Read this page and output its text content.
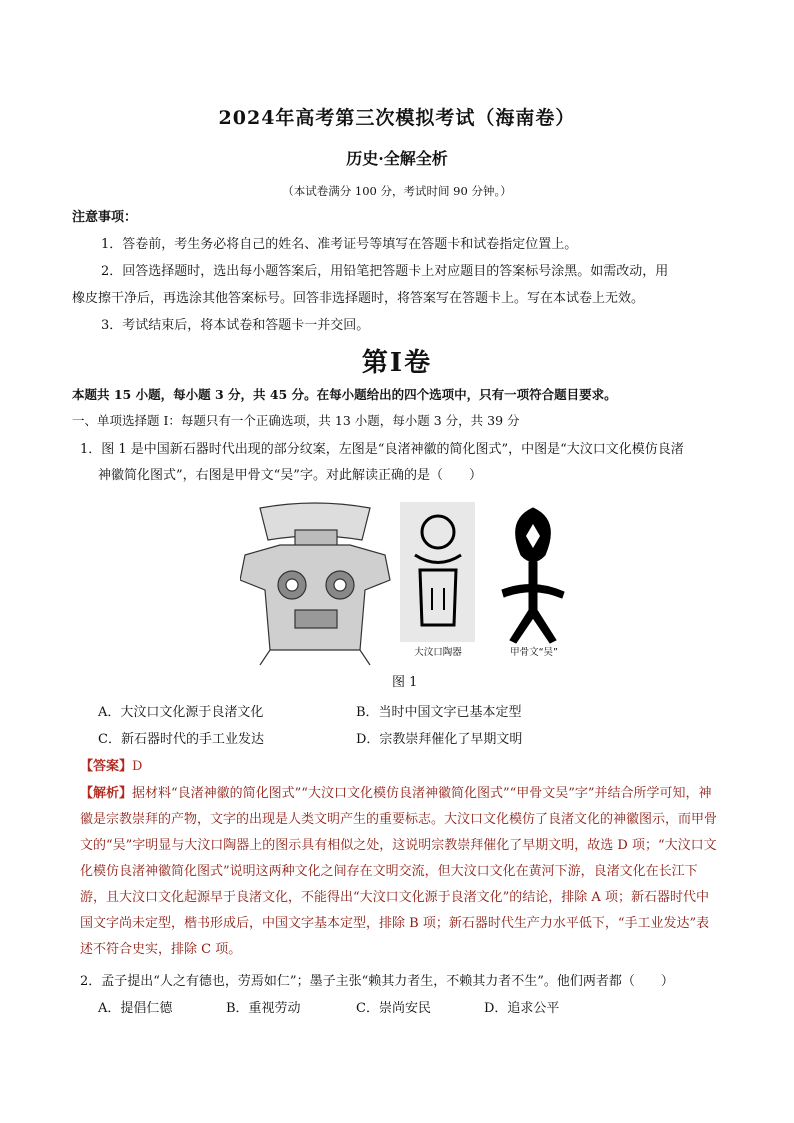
2024年高考第三次模拟考试（海南卷）
历史·全解全析
（本试卷满分 100 分，考试时间 90 分钟。）
注意事项：
1．答卷前，考生务必将自己的姓名、准考证号等填写在答题卡和试卷指定位置上。
2．回答选择题时，选出每小题答案后，用铅笔把答题卡上对应题目的答案标号涂黑。如需改动，用
橡皮擦干净后，再选涂其他答案标号。回答非选择题时，将答案写在答题卡上。写在本试卷上无效。
3．考试结束后，将本试卷和答题卡一并交回。
第I卷
本题共 15 小题，每小题 3 分，共 45 分。在每小题给出的四个选项中，只有一项符合题目要求。
一、单项选择题 I：每题只有一个正确选项，共 13 小题，每小题 3 分，共 39 分
1．图 1 是中国新石器时代出现的部分纹案，左图是“良渚神徽的简化图式”，中图是“大汶口文化模仿良渚
神徽简化图式”，右图是甲骨文“吴”字。对此解读正确的是（　　）
大汶口陶器	甲骨文“吴”
图 1
A．大汶口文化源于良渚文化	B．当时中国文字已基本定型
C．新石器时代的手工业发达	D．宗教崇拜催化了早期文明
【答案】D
【解析】据材料“良渚神徽的简化图式”“大汶口文化模仿良渚神徽简化图式”“甲骨文吴”字”并结合所学可知，神徽是宗教崇拜的产物，文字的出现是人类文明产生的重要标志。大汶口文化模仿了良渚文化的神徽图示，而甲骨文的“吴”字明显与大汶口陶器上的图示具有相似之处，这说明宗教崇拜催化了早期文明，故选 D 项；“大汶口文化模仿良渚神徽简化图式”说明这两种文化之间存在文明交流，但大汶口文化在黄河下游，良渚文化在长江下游，且大汶口文化起源早于良渚文化，不能得出“大汶口文化源于良渚文化”的结论，排除 A 项；新石器时代中国文字尚未定型，楷书形成后，中国文字基本定型，排除 B 项；新石器时代生产力水平低下，“手工业发达”表述不符合史实，排除 C 项。
2．孟子提出“人之有德也，劳焉如仁”；墨子主张“赖其力者生，不赖其力者不生”。他们两者都（　　）
A．提倡仁德	B．重视劳动	C．崇尚安民	D．追求公平
